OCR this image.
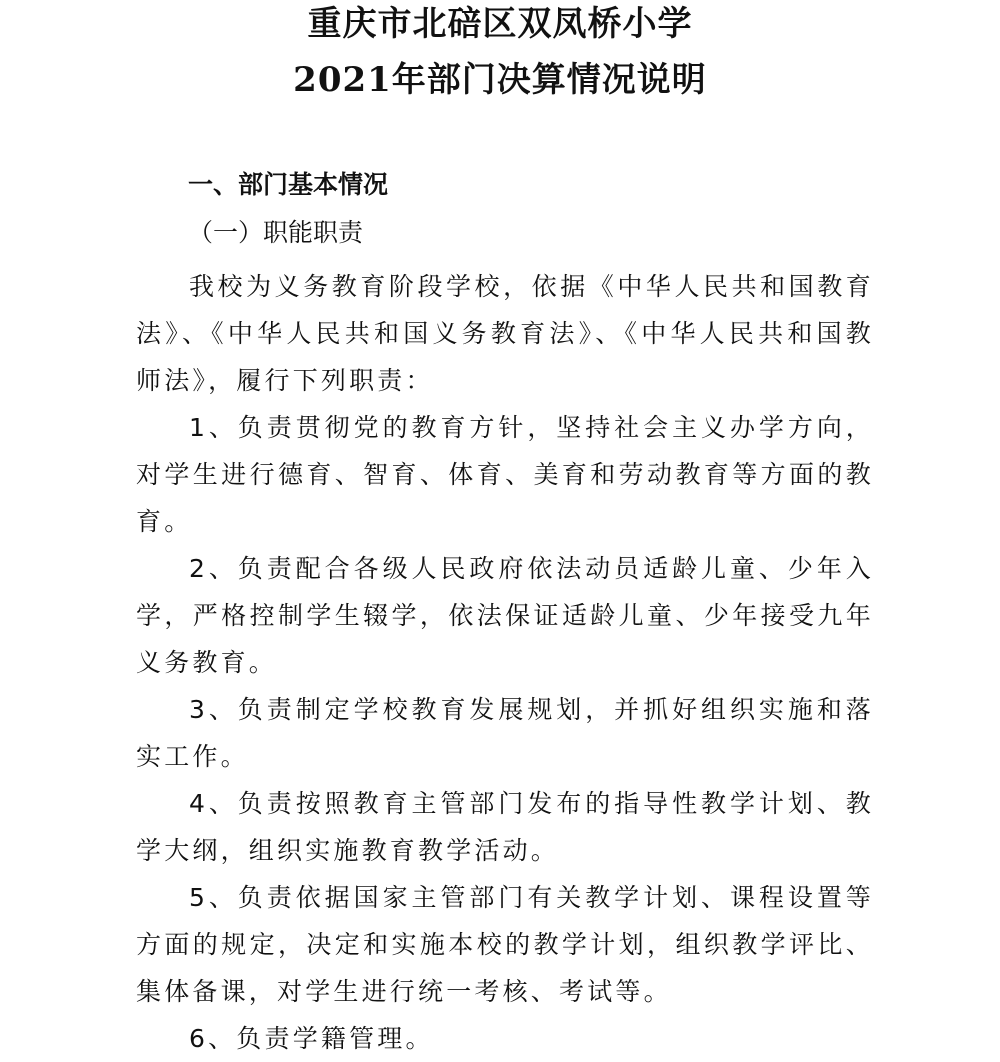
重庆市北碚区双凤桥小学
2021年部门决算情况说明
一、部门基本情况
（一）职能职责

我校为义务教育阶段学校，依据《中华人民共和国教育法》、《中华人民共和国义务教育法》、《中华人民共和国教师法》，履行下列职责：

1、负责贯彻党的教育方针，坚持社会主义办学方向，对学生进行德育、智育、体育、美育和劳动教育等方面的教育。

2、负责配合各级人民政府依法动员适龄儿童、少年入学，严格控制学生辍学，依法保证适龄儿童、少年接受九年义务教育。

3、负责制定学校教育发展规划，并抓好组织实施和落实工作。

4、负责按照教育主管部门发布的指导性教学计划、教学大纲，组织实施教育教学活动。

5、负责依据国家主管部门有关教学计划、课程设置等方面的规定，决定和实施本校的教学计划，组织教学评比、集体备课，对学生进行统一考核、考试等。

6、负责学籍管理。
